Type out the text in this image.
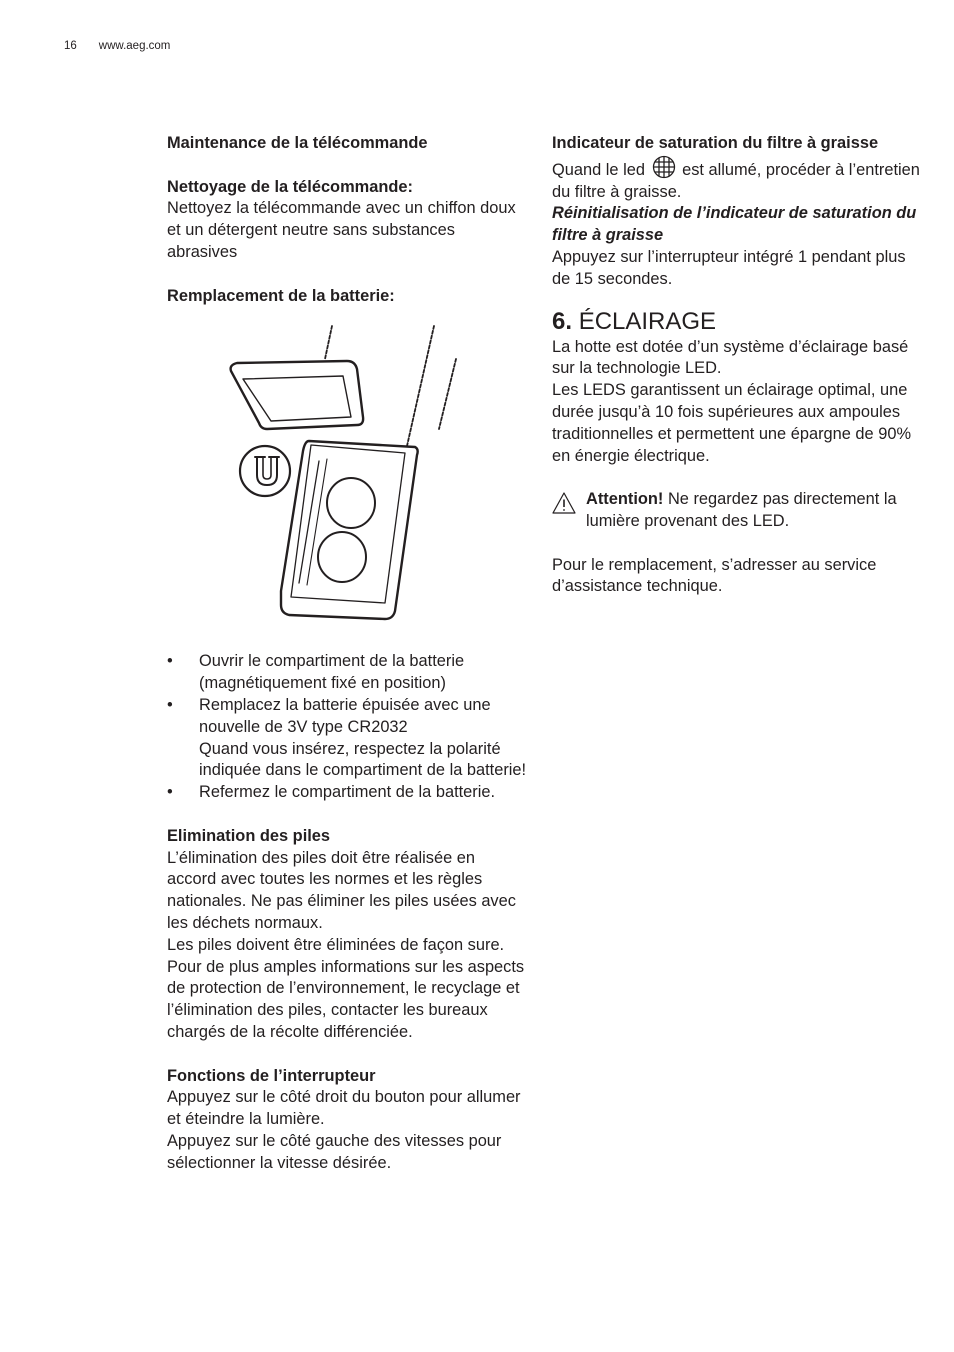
16 www.aeg.com

Maintenance de la télécommande

Nettoyage de la télécommande:

Nettoyez la télécommande avec un chiffon doux et un détergent neutre sans substances abrasives

Remplacement de la batterie:

• Ouvrir le compartiment de la batterie (magnétiquement fixé en position)
• Remplacez la batterie épuisée avec une nouvelle de 3V type CR2032
Quand vous insérez, respectez la polarité indiquée dans le compartiment de la batterie!
• Refermez le compartiment de la batterie.

Elimination des piles

L’élimination des piles doit être réalisée en accord avec toutes les normes et les règles nationales. Ne pas éliminer les piles usées avec les déchets normaux.

Les piles doivent être éliminées de façon sure.

Pour de plus amples informations sur les aspects de protection de l’environnement, le recyclage et l’élimination des piles, contacter les bureaux chargés de la récolte différenciée.

Fonctions de l’interrupteur

Appuyez sur le côté droit du bouton pour allumer et éteindre la lumière.

Appuyez sur le côté gauche des vitesses pour sélectionner la vitesse désirée.

Indicateur de saturation du filtre à graisse

Quand le led est allumé, procéder à l’entretien du filtre à graisse.

Réinitialisation de l’indicateur de saturation du filtre à graisse

Appuyez sur l’interrupteur intégré 1 pendant plus de 15 secondes.

6. ÉCLAIRAGE

La hotte est dotée d’un système d’éclairage basé sur la technologie LED.

Les LEDS garantissent un éclairage optimal, une durée jusqu’à 10 fois supérieures aux ampoules traditionnelles et permettent une épargne de 90% en énergie électrique.

Attention! Ne regardez pas directement la lumière provenant des LED.

Pour le remplacement, s’adresser au service d’assistance technique.
